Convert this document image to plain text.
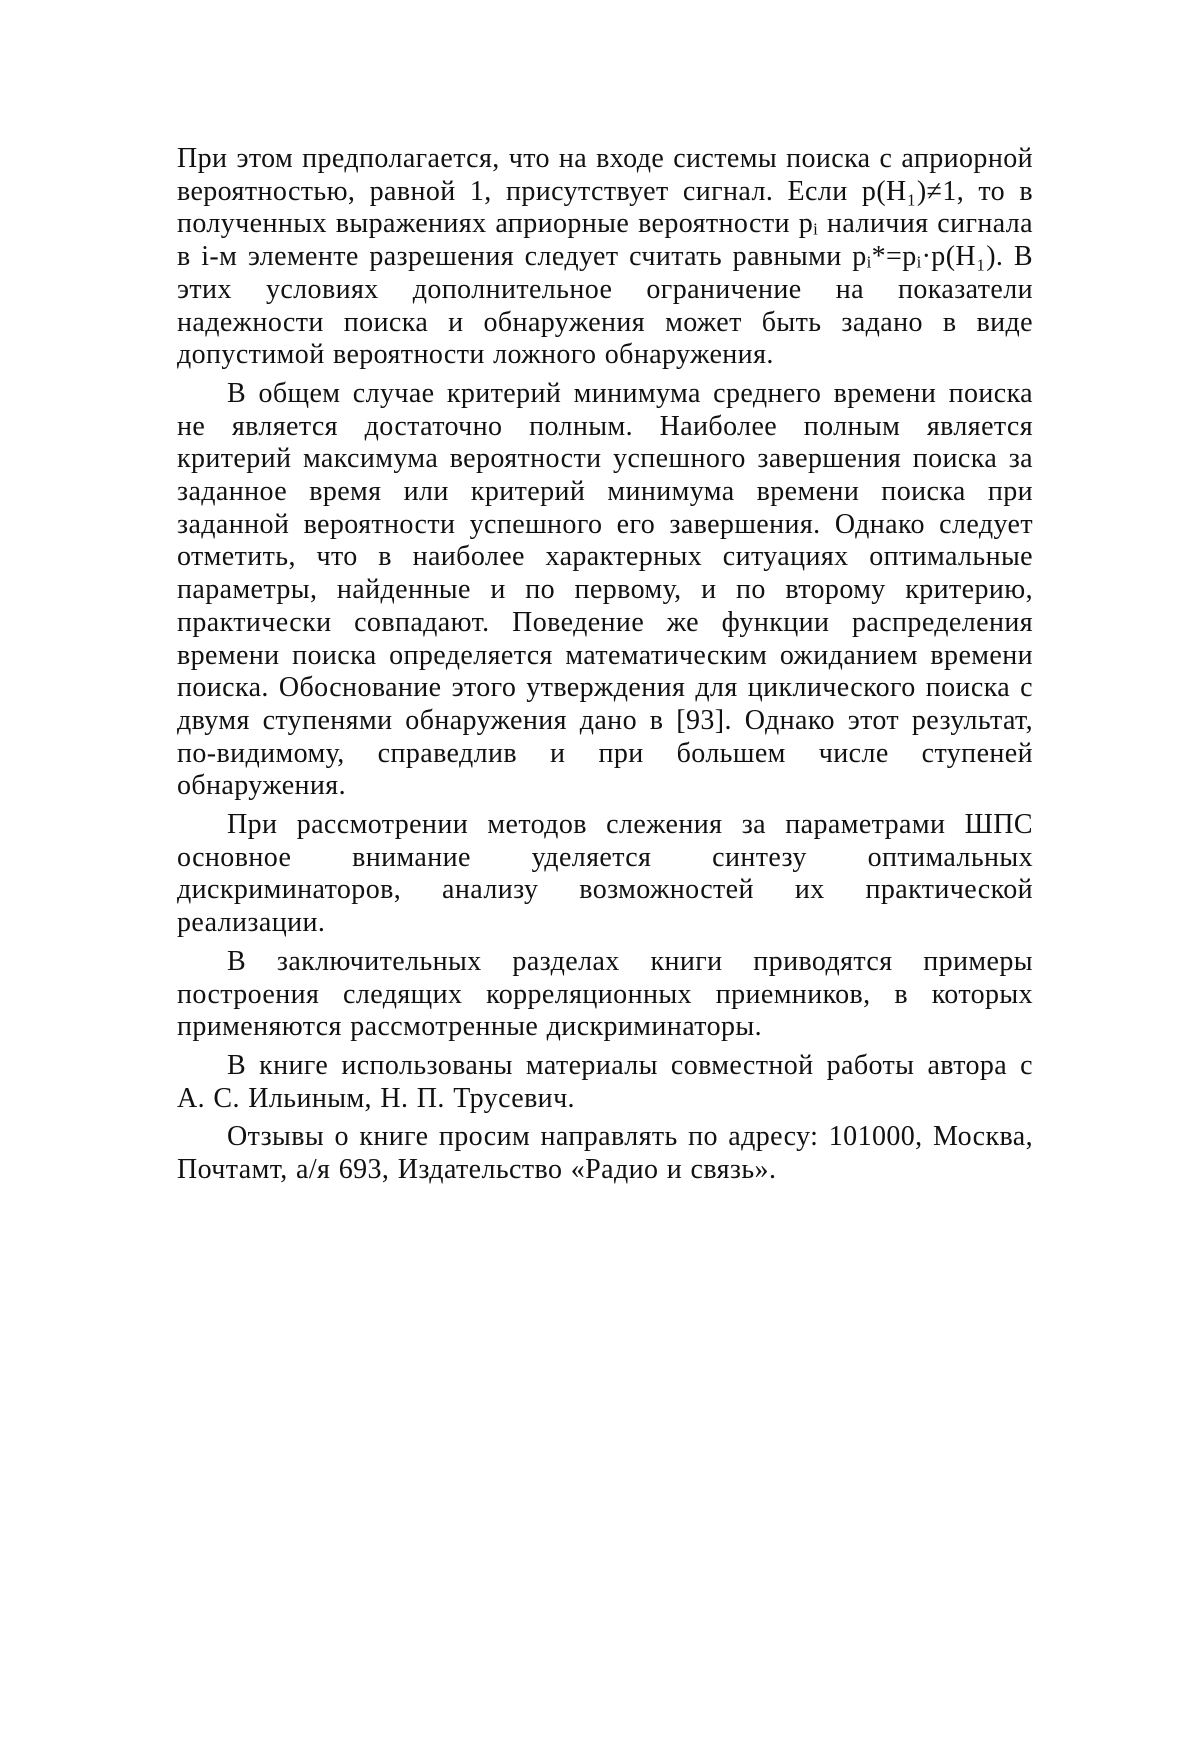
При этом предполагается, что на входе системы поиска с априорной вероятностью, равной 1, присутствует сигнал. Если p(H₁)≠1, то в полученных выражениях априорные вероятности pᵢ наличия сигнала в i-м элементе разрешения следует считать равными pᵢ*=pᵢ·p(H₁). В этих условиях дополнительное ограничение на показатели надежности поиска и обнаружения может быть задано в виде допустимой вероятности ложного обнаружения.

В общем случае критерий минимума среднего времени поиска не является достаточно полным. Наиболее полным является критерий максимума вероятности успешного завершения поиска за заданное время или критерий минимума времени поиска при заданной вероятности успешного его завершения. Однако следует отметить, что в наиболее характерных ситуациях оптимальные параметры, найденные и по первому, и по второму критерию, практически совпадают. Поведение же функции распределения времени поиска определяется математическим ожиданием времени поиска. Обоснование этого утверждения для циклического поиска с двумя ступенями обнаружения дано в [93]. Однако этот результат, по-видимому, справедлив и при большем числе ступеней обнаружения.

При рассмотрении методов слежения за параметрами ШПС основное внимание уделяется синтезу оптимальных дискриминаторов, анализу возможностей их практической реализации.

В заключительных разделах книги приводятся примеры построения следящих корреляционных приемников, в которых применяются рассмотренные дискриминаторы.

В книге использованы материалы совместной работы автора с А. С. Ильиным, Н. П. Трусевич.

Отзывы о книге просим направлять по адресу: 101000, Москва, Почтамт, а/я 693, Издательство «Радио и связь».
